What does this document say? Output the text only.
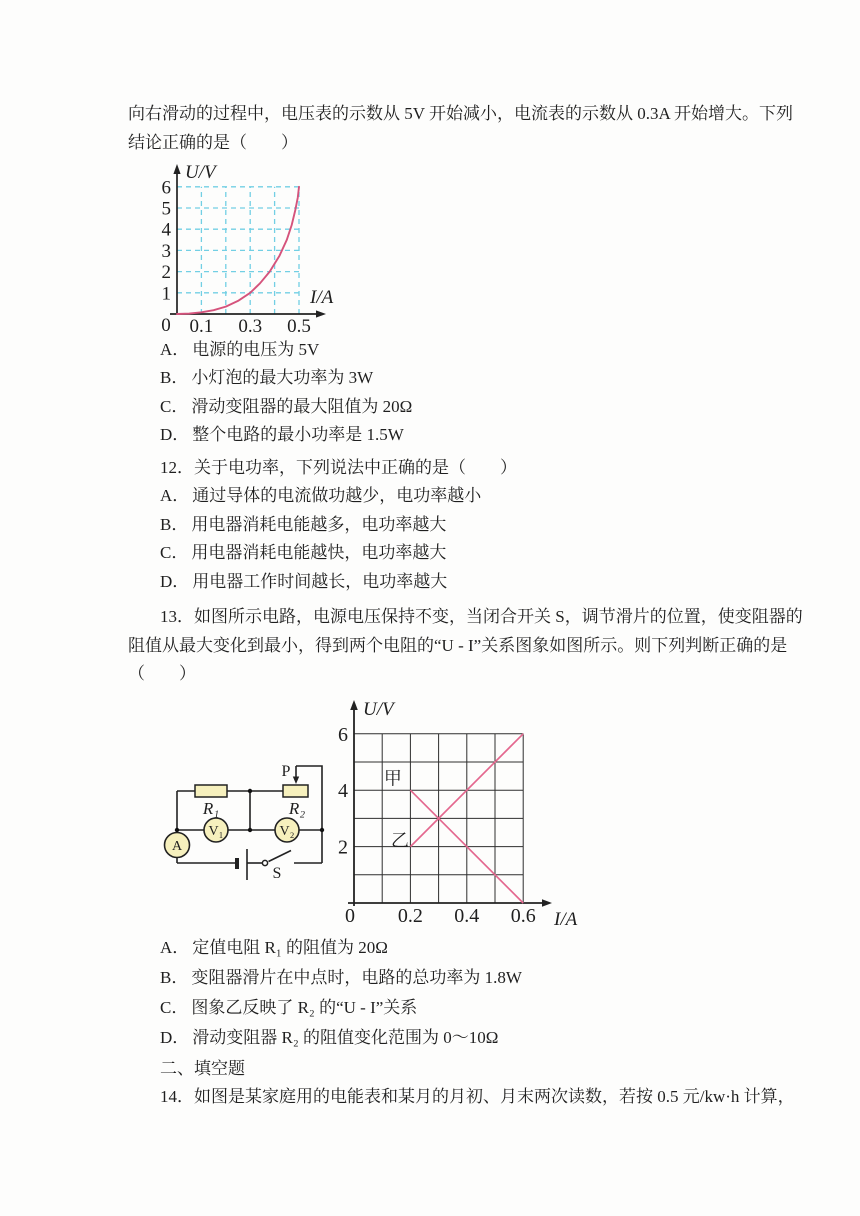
向右滑动的过程中，电压表的示数从 5V 开始减小，电流表的示数从 0.3A 开始增大。下列
结论正确的是（　　）
0
1
2
3
4
5
6
0.1 0.3 0.5
U/V
I/A
A． 电源的电压为 5V
B． 小灯泡的最大功率为 3W
C． 滑动变阻器的最大阻值为 20Ω
D． 整个电路的最小功率是 1.5W
12．关于电功率，下列说法中正确的是（　　）
A． 通过导体的电流做功越少，电功率越小
B． 用电器消耗电能越多，电功率越大
C． 用电器消耗电能越快，电功率越大
D． 用电器工作时间越长，电功率越大
13．如图所示电路，电源电压保持不变，当闭合开关 S，调节滑片的位置，使变阻器的
阻值从最大变化到最小，得到两个电阻的“U - I”关系图象如图所示。则下列判断正确的是
（　　）
R₁	R₂
V₁	V₂
A
P
S
2
4
6
0 0.2 0.4 0.6
U/V
I/A
甲
乙
A． 定值电阻 R₁ 的阻值为 20Ω
B． 变阻器滑片在中点时，电路的总功率为 1.8W
C． 图象乙反映了 R₂ 的“U - I”关系
D． 滑动变阻器 R₂ 的阻值变化范围为 0～10Ω
二、填空题
14．如图是某家庭用的电能表和某月的月初、月末两次读数，若按 0.5 元/kw·h 计算，
